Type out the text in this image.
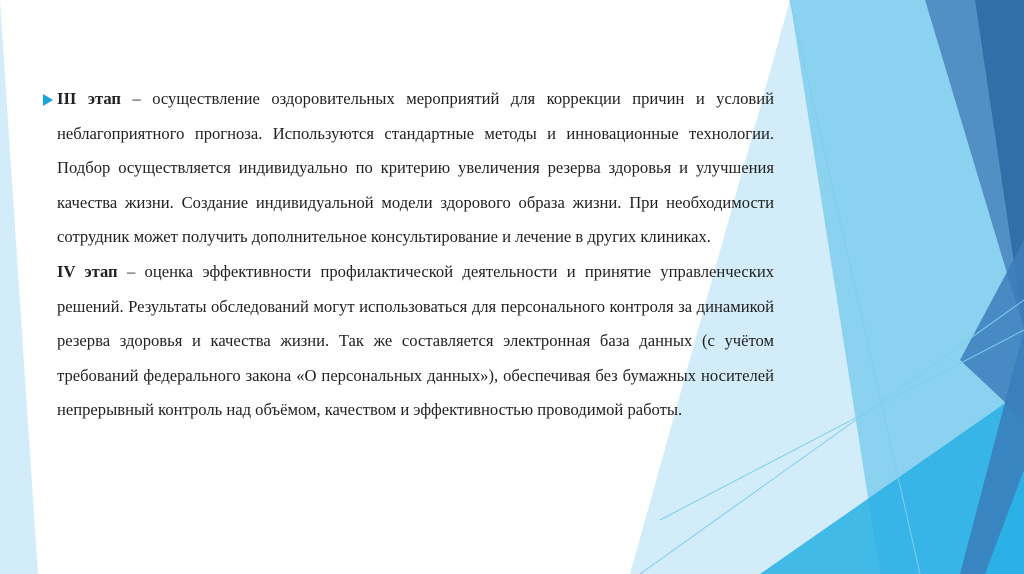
III этап – осуществление оздоровительных мероприятий для коррекции причин и условий неблагоприятного прогноза. Используются стандартные методы и инновационные технологии. Подбор осуществляется индивидуально по критерию увеличения резерва здоровья и улучшения качества жизни. Создание индивидуальной модели здорового образа жизни. При необходимости сотрудник может получить дополнительное консультирование и лечение в других клиниках.

IV этап – оценка эффективности профилактической деятельности и принятие управленческих решений. Результаты обследований могут использоваться для персонального контроля за динамикой резерва здоровья и качества жизни. Так же составляется электронная база данных (с учётом требований федерального закона «О персональных данных»), обеспечивая без бумажных носителей непрерывный контроль над объёмом, качеством и эффективностью проводимой работы.
